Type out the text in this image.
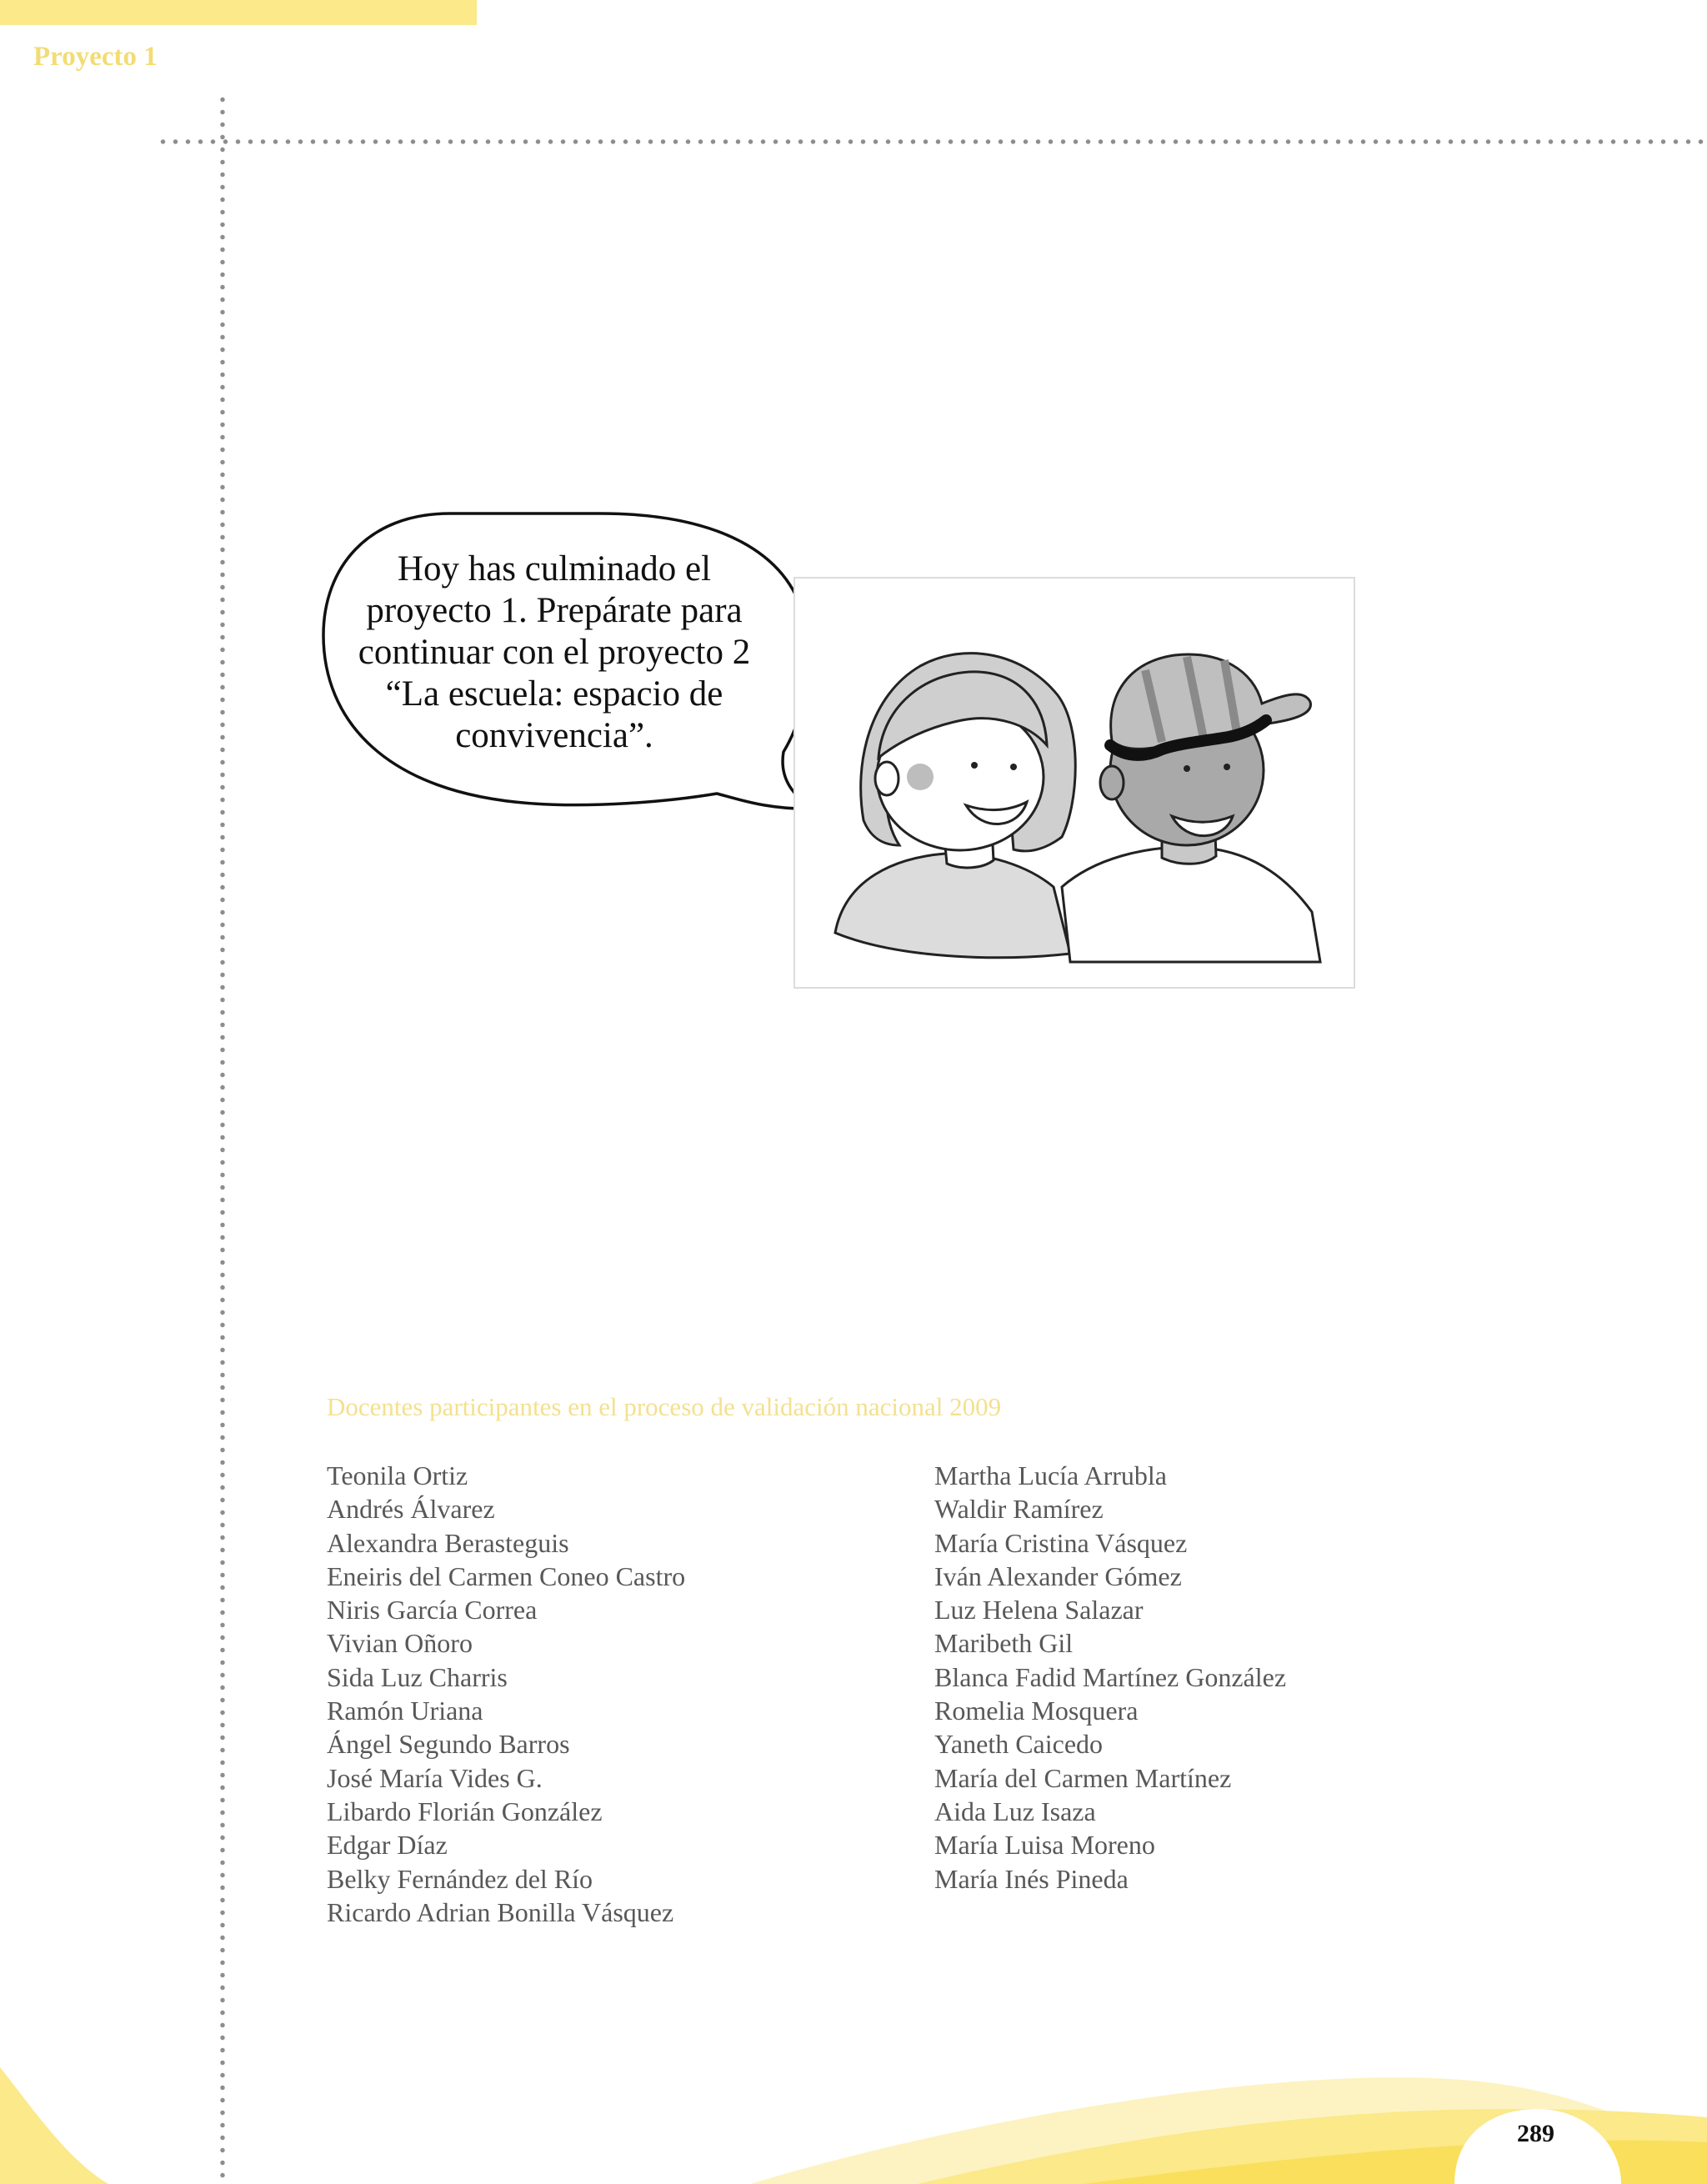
Proyecto 1
Hoy has culminado el proyecto 1. Prepárate para continuar con el proyecto 2 “La escuela: espacio de convivencia”.
Docentes participantes en el proceso de validación nacional 2009
Teonila Ortiz
Andrés Álvarez
Alexandra Berasteguis
Eneiris del Carmen Coneo Castro
Niris García Correa
Vivian Oñoro
Sida Luz Charris
Ramón Uriana
Ángel Segundo Barros
José María Vides G.
Libardo Florián González
Edgar Díaz
Belky Fernández del Río
Ricardo Adrian Bonilla Vásquez
Martha Lucía Arrubla
Waldir Ramírez
María Cristina Vásquez
Iván Alexander Gómez
Luz Helena Salazar
Maribeth Gil
Blanca Fadid Martínez González
Romelia Mosquera
Yaneth Caicedo
María del Carmen Martínez
Aida Luz Isaza
María Luisa Moreno
María Inés Pineda
289
